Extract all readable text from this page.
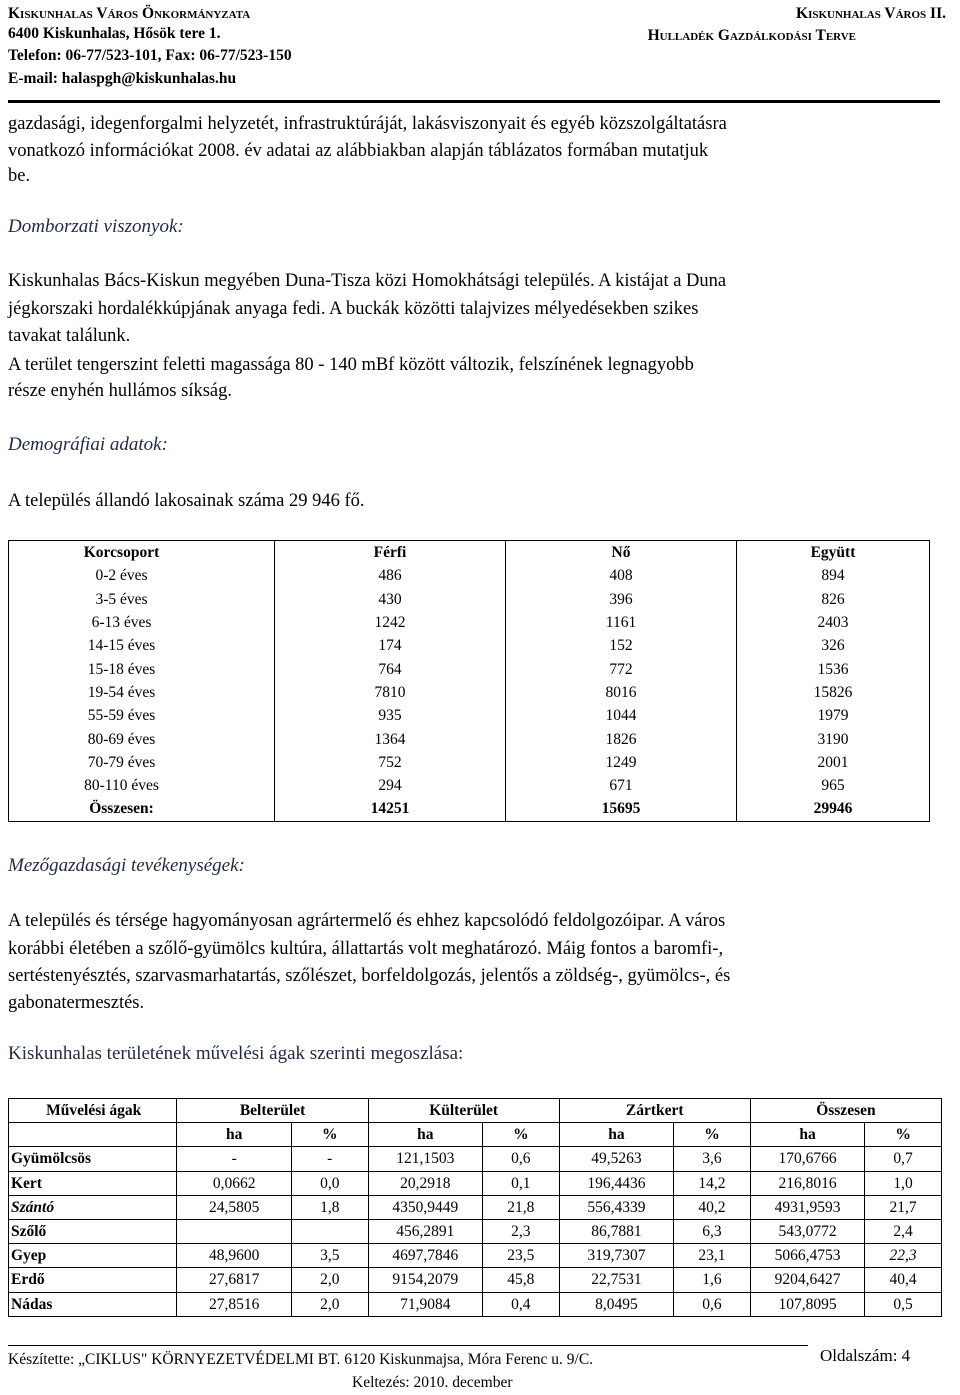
Kiskunhalas Város Önkormányzata
6400 Kiskunhalas, Hősök tere 1.
Telefon: 06-77/523-101, Fax: 06-77/523-150
E-mail: halaspgh@kiskunhalas.hu
Kiskunhalas Város II.
Hulladék Gazdálkodási Terve

gazdasági, idegenforgalmi helyzetét, infrastruktúráját, lakásviszonyait és egyéb közszolgáltatásra

vonatkozó információkat 2008. év adatai az alábbiakban alapján táblázatos formában mutatjuk

be.

Domborzati viszonyok:

Kiskunhalas Bács-Kiskun megyében Duna-Tisza közi Homokhátsági település. A kistájat a Duna

jégkorszaki hordalékkúpjának anyaga fedi. A buckák közötti talajvizes mélyedésekben szikes

tavakat találunk.

A terület tengerszint feletti magassága 80 - 140 mBf között változik, felszínének legnagyobb

része enyhén hullámos síkság.

Demográfiai adatok:

A település állandó lakosainak száma 29 946 fő.

Korcsoport	Férfi	Nő	Együtt
0-2 éves	486	408	894
3-5 éves	430	396	826
6-13 éves	1242	1161	2403
14-15 éves	174	152	326
15-18 éves	764	772	1536
19-54 éves	7810	8016	15826
55-59 éves	935	1044	1979
80-69 éves	1364	1826	3190
70-79 éves	752	1249	2001
80-110 éves	294	671	965
Összesen:	14251	15695	29946
Mezőgazdasági tevékenységek:

A település és térsége hagyományosan agrártermelő és ehhez kapcsolódó feldolgozóipar. A város

korábbi életében a szőlő-gyümölcs kultúra, állattartás volt meghatározó. Máig fontos a baromfi-,

sertéstenyésztés, szarvasmarhatartás, szőlészet, borfeldolgozás, jelentős a zöldség-, gyümölcs-, és

gabonatermesztés.

Kiskunhalas területének művelési ágak szerinti megoszlása:
Művelési ágak	Belterület		Külterület		Zártkert		Összesen	
	ha	%	ha	%	ha	%	ha	%
Gyümölcsös	-	-	121,1503	0,6	49,5263	3,6	170,6766	0,7
Kert	0,0662	0,0	20,2918	0,1	196,4436	14,2	216,8016	1,0
Szántó	24,5805	1,8	4350,9449	21,8	556,4339	40,2	4931,9593	21,7
Szőlő			456,2891	2,3	86,7881	6,3	543,0772	2,4
Gyep	48,9600	3,5	4697,7846	23,5	319,7307	23,1	5066,4753	22,3
Erdő	27,6817	2,0	9154,2079	45,8	22,7531	1,6	9204,6427	40,4
Nádas	27,8516	2,0	71,9084	0,4	8,0495	0,6	107,8095	0,5
Készítette: „CIKLUS" KÖRNYEZETVÉDELMI BT. 6120 Kiskunmajsa, Móra Ferenc u. 9/C.
Keltezés: 2010. december
Oldalszám: 4
